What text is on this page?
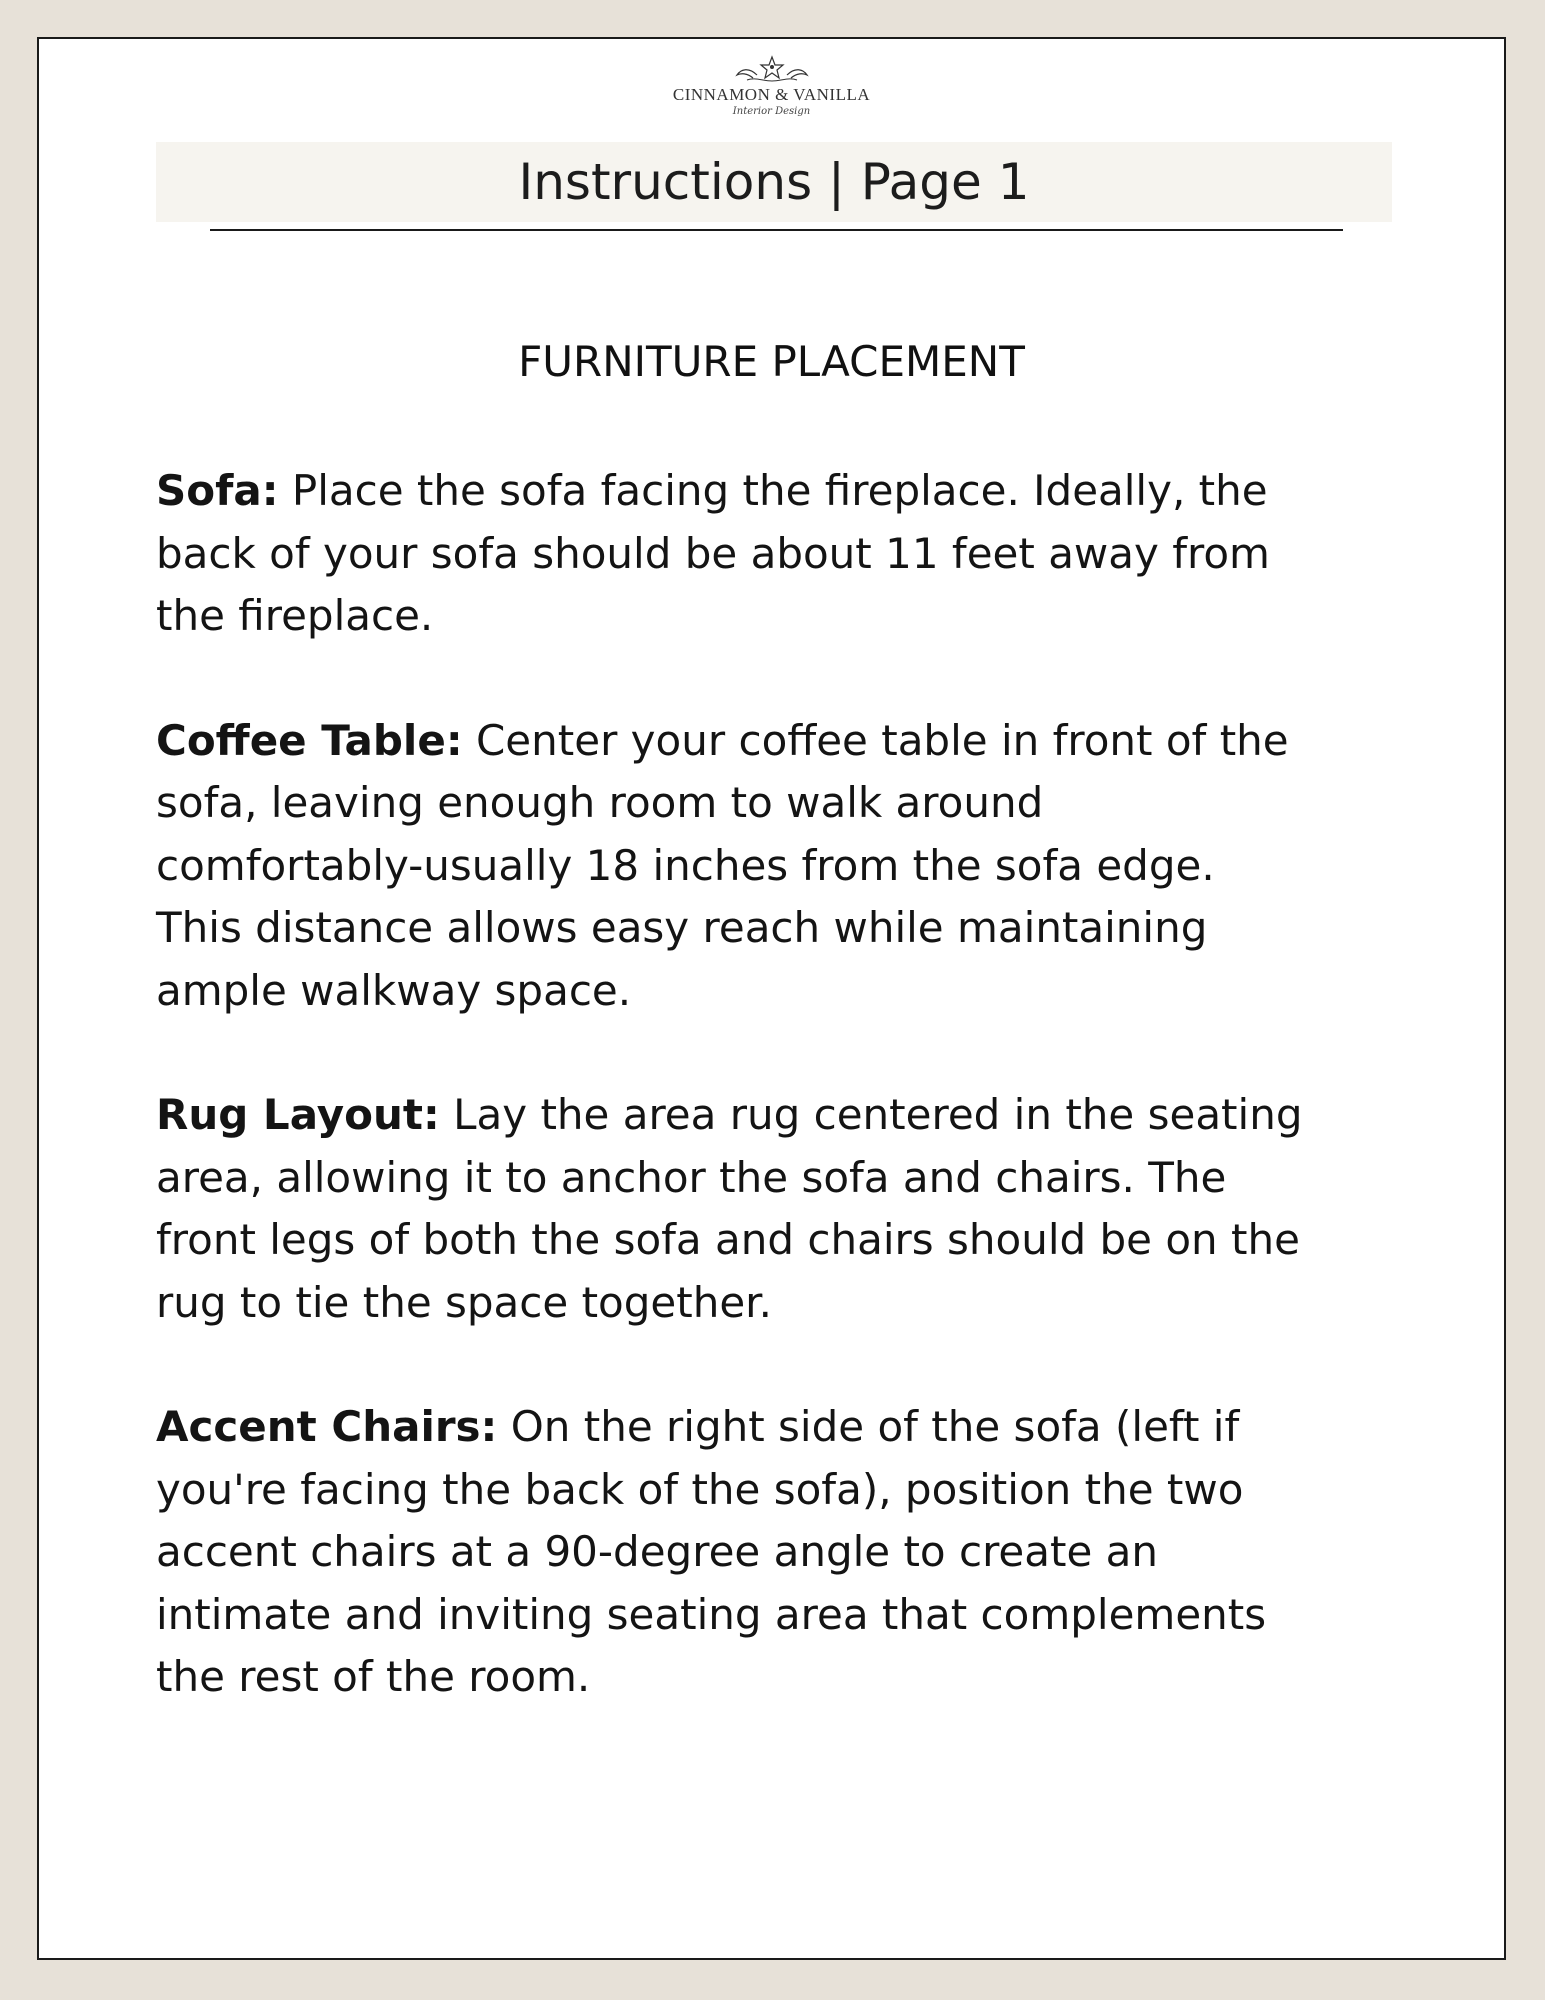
CINNAMON & VANILLA
Interior Design
Instructions | Page 1
FURNITURE PLACEMENT

Sofa: Place the sofa facing the fireplace. Ideally, the
back of your sofa should be about 11 feet away from
the fireplace.

Coffee Table: Center your coffee table in front of the
sofa, leaving enough room to walk around
comfortably-usually 18 inches from the sofa edge.
This distance allows easy reach while maintaining
ample walkway space.

Rug Layout: Lay the area rug centered in the seating
area, allowing it to anchor the sofa and chairs. The
front legs of both the sofa and chairs should be on the
rug to tie the space together.

Accent Chairs: On the right side of the sofa (left if
you're facing the back of the sofa), position the two
accent chairs at a 90-degree angle to create an
intimate and inviting seating area that complements
the rest of the room.
